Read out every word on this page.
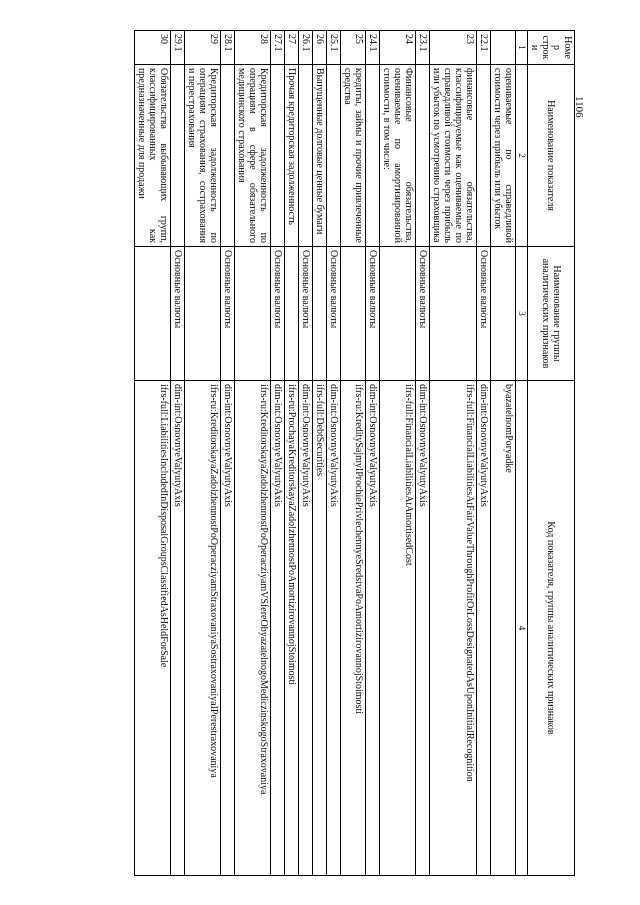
1106
Номер строки	Наименование показателя	Наименование группы аналитических признаков	Код показателя, группы аналитических признаков
1	2	3	4
	оцениваемые по справедливой стоимости через прибыль или убыток		byazatelnomPoryadke
22.1		Основные валюты	dim-int:OsnovnyeValyutyAxis
23	финансовые обязательства, классифицируемые как оцениваемые по справедливой стоимости через прибыль или убыток по усмотрению страховщика		ifrs-full:FinancialLiabilitiesAtFairValueThroughProfitOrLossDesignatedAsUponInitialRecognition
23.1		Основные валюты	dim-int:OsnovnyeValyutyAxis
24	Финансовые обязательства, оцениваемые по амортизированной стоимости, в том числе:		ifrs-full:FinancialLiabilitiesAtAmortisedCost
24.1		Основные валюты	dim-int:OsnovnyeValyutyAxis
25	кредиты, займы и прочие привлеченные средства		ifrs-ru:KreditySajmyIProchiePrivlechennyeSredstvaPoAmortizirovannojStoimosti
25.1		Основные валюты	dim-int:OsnovnyeValyutyAxis
26	Выпущенные долговые ценные бумаги		ifrs-full:DebtSecurities
26.1		Основные валюты	dim-int:OsnovnyeValyutyAxis
27	Прочая кредиторская задолженность		ifrs-ru:ProchayaKreditorskayaZadolzhennostPoAmortizirovannojStoimosti
27.1		Основные валюты	dim-int:OsnovnyeValyutyAxis
28	Кредиторская задолженность по операциям в сфере обязательного медицинского страхования		ifrs-ru:KreditorskayaZadolzhennostPoOperacziyamVSfereObyazatelnogoMediczinskogoStraxovaniya
28.1		Основные валюты	dim-int:OsnovnyeValyutyAxis
29	Кредиторская задолженность по операциям страхования, сострахования и перестрахования		ifrs-ru:KreditorskayaZadolzhennostPoOperacziyamStraxovaniyaSostraxovaniyaIPerestraxovaniya
29.1		Основные валюты	dim-int:OsnovnyeValyutyAxis
30	Обязательства выбывающих групп, классифицированных как предназначенные для продажи		ifrs-full:LiabilitiesIncludedInDisposalGroupsClassifiedAsHeldForSale
